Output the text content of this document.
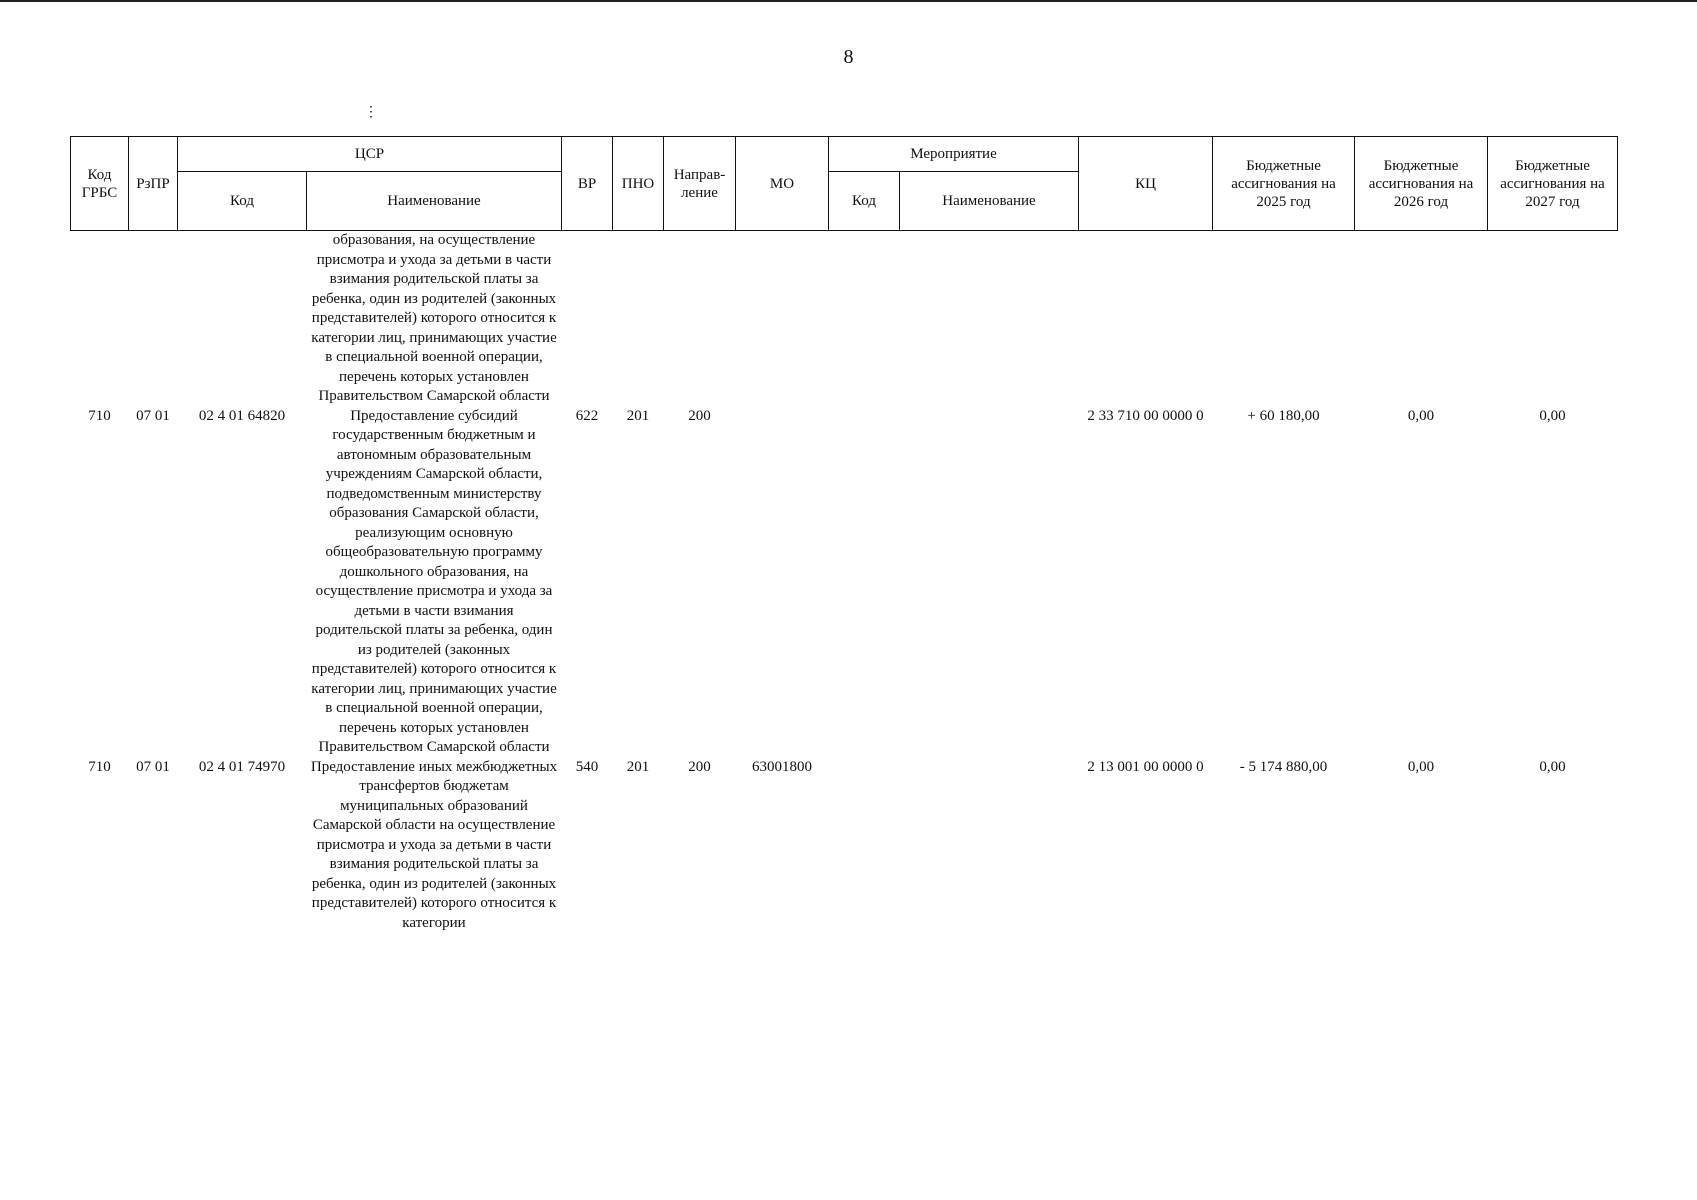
8
⋮
Код ГРБС	РзПР	ЦСР		ВР	ПНО	Направ-ление	МО	Мероприятие		КЦ	Бюджетные ассигнования на 2025 год	Бюджетные ассигнования на 2026 год	Бюджетные ассигнования на 2027 год
		Код	Наименование					Код	Наименование				
			образования, на осуществление присмотра и ухода за детьми в части взимания родительской платы за ребенка, один из родителей (законных представителей) которого относится к категории лиц, принимающих участие в специальной военной операции, перечень которых установлен Правительством Самарской области										
710	07 01	02 4 01 64820	Предоставление субсидий государственным бюджетным и автономным образовательным учреждениям Самарской области, подведомственным министерству образования Самарской области, реализующим основную общеобразовательную программу дошкольного образования, на осуществление присмотра и ухода за детьми в части взимания родительской платы за ребенка, один из родителей (законных представителей) которого относится к категории лиц, принимающих участие в специальной военной операции, перечень которых установлен Правительством Самарской области	622	201	200				2 33 710 00 0000 0	+ 60 180,00	0,00	0,00
710	07 01	02 4 01 74970	Предоставление иных межбюджетных трансфертов бюджетам муниципальных образований Самарской области на осуществление присмотра и ухода за детьми в части взимания родительской платы за ребенка, один из родителей (законных представителей) которого относится к категории	540	201	200	63001800			2 13 001 00 0000 0	- 5 174 880,00	0,00	0,00
